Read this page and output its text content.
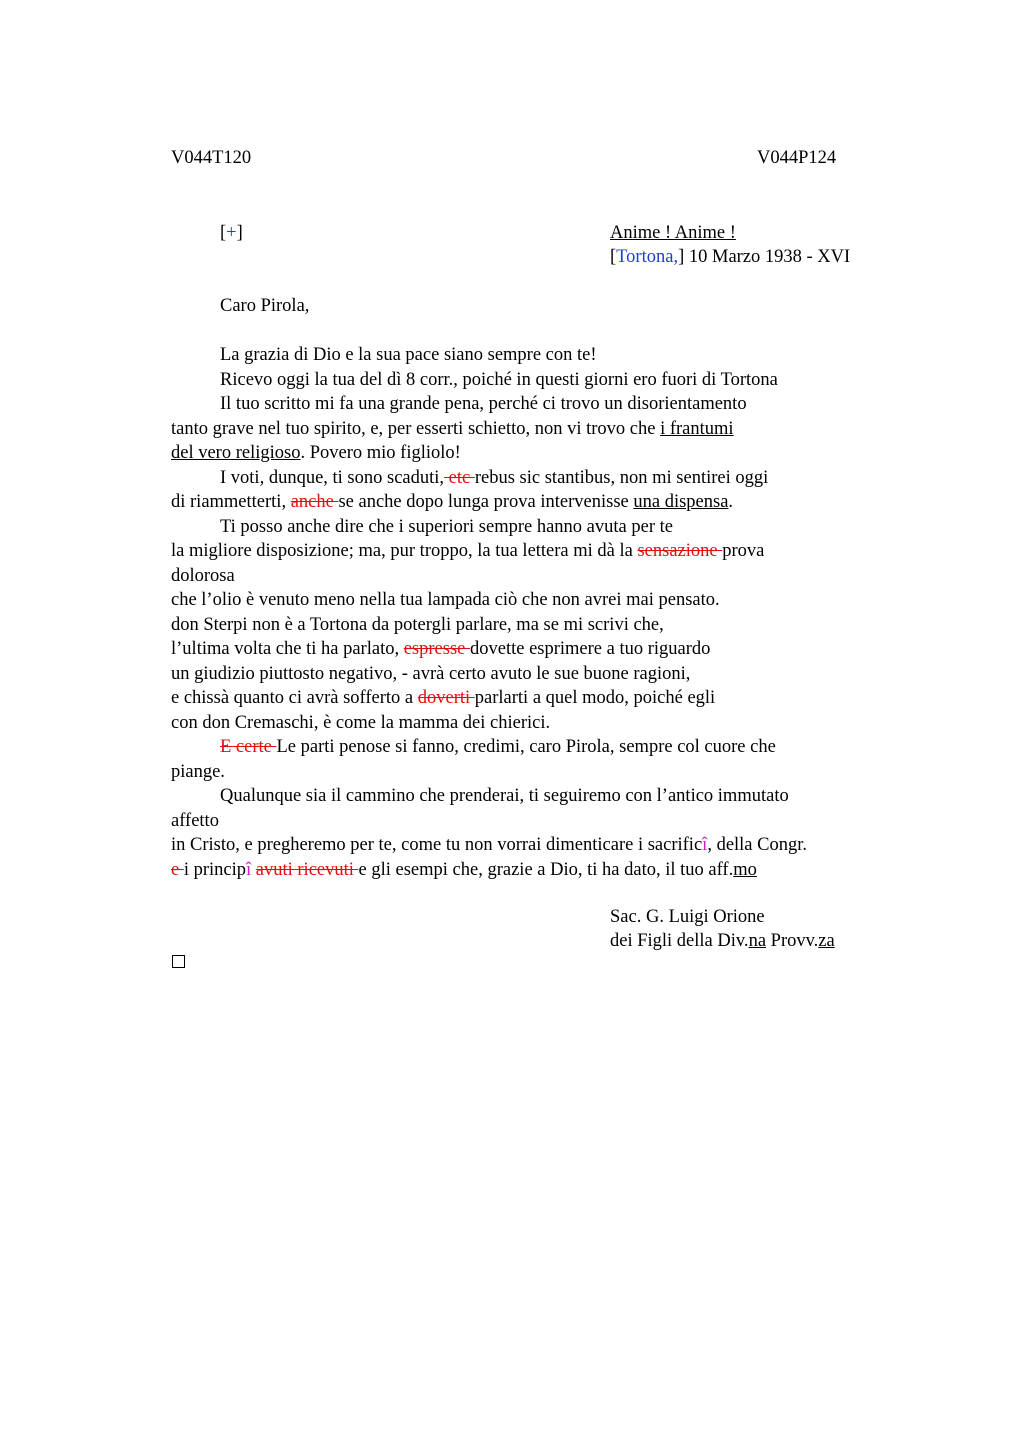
V044T120	V044P124
[+]	Anime ! Anime !
[Tortona,] 10 Marzo 1938 - XVI
Caro Pirola,
La grazia di Dio e la sua pace siano sempre con te!
Ricevo oggi la tua del dì 8 corr., poiché in questi giorni ero fuori di Tortona
Il tuo scritto mi fa una grande pena, perché ci trovo un disorientamento
tanto grave nel tuo spirito, e, per esserti schietto, non vi trovo che i frantumi
del vero religioso. Povero mio figliolo!
I voti, dunque, ti sono scaduti, etc rebus sic stantibus, non mi sentirei oggi
di riammetterti, anche se anche dopo lunga prova intervenisse una dispensa.
Ti posso anche dire che i superiori sempre hanno avuta per te
la migliore disposizione; ma, pur troppo, la tua lettera mi dà la sensazione prova
dolorosa
che l’olio è venuto meno nella tua lampada ciò che non avrei mai pensato.
don Sterpi non è a Tortona da potergli parlare, ma se mi scrivi che,
l’ultima volta che ti ha parlato, espresse dovette esprimere a tuo riguardo
un giudizio piuttosto negativo, - avrà certo avuto le sue buone ragioni,
e chissà quanto ci avrà sofferto a doverti parlarti a quel modo, poiché egli
con don Cremaschi, è come la mamma dei chierici.
E certe Le parti penose si fanno, credimi, caro Pirola, sempre col cuore che
piange.
Qualunque sia il cammino che prenderai, ti seguiremo con l’antico immutato
affetto
in Cristo, e pregheremo per te, come tu non vorrai dimenticare i sacrificî, della Congr.
e i principî avuti ricevuti e gli esempi che, grazie a Dio, ti ha dato, il tuo aff.mo
Sac. G. Luigi Orione
dei Figli della Div.na Provv.za
